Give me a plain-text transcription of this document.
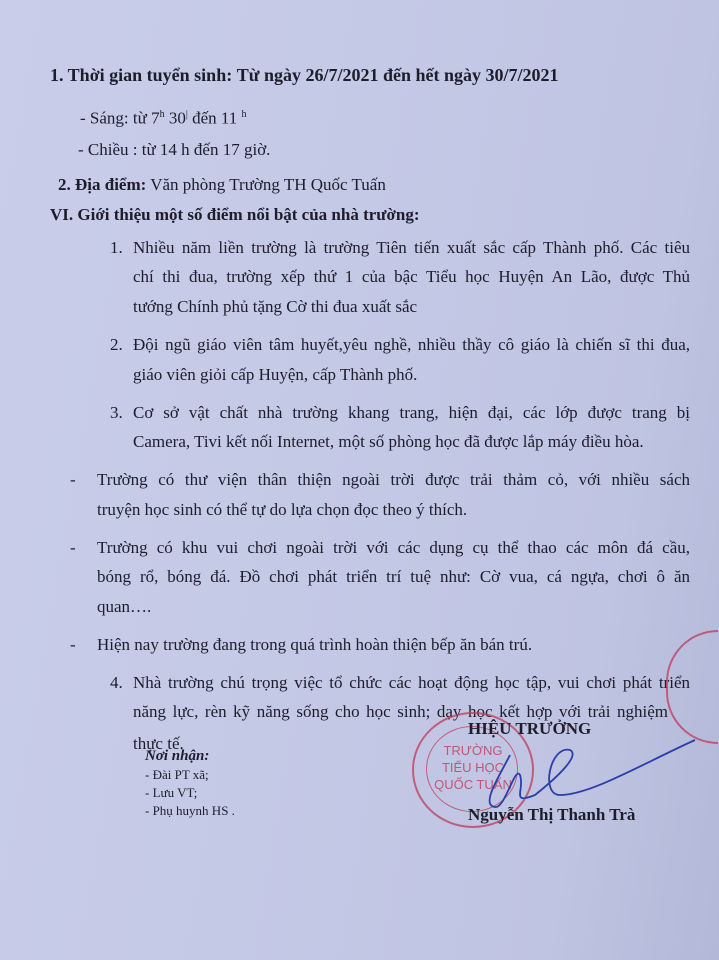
1. Thời gian tuyển sinh: Từ ngày 26/7/2021 đến hết ngày 30/7/2021
- Sáng: từ 7$^h$ 30| đến 11 $^h$
- Chiều : từ 14 h đến 17 giờ.
2. Địa điểm: Văn phòng Trường TH Quốc Tuấn
VI. Giới thiệu một số điểm nổi bật của nhà trường:
1. Nhiều năm liền trường là trường Tiên tiến xuất sắc cấp Thành phố. Các tiêu
chí thi đua, trường xếp thứ 1 của bậc Tiểu học Huyện An Lão, được Thủ
tướng Chính phủ tặng Cờ thi đua xuất sắc
2. Đội ngũ giáo viên tâm huyết,yêu nghề, nhiều thầy cô giáo là chiến sĩ thi đua,
giáo viên giỏi cấp Huyện, cấp Thành phố.
3. Cơ sở vật chất nhà trường khang trang, hiện đại, các lớp được trang bị
Camera, Tivi kết nối Internet, một số phòng học đã được lắp máy điều hòa.
- Trường có thư viện thân thiện ngoài trời được trải thảm cỏ, với nhiều sách
truyện học sinh có thể tự do lựa chọn đọc theo ý thích.
- Trường có khu vui chơi ngoài trời với các dụng cụ thể thao các môn đá cầu,
bóng rổ, bóng đá. Đồ chơi phát triển trí tuệ như: Cờ vua, cá ngựa, chơi ô ăn
quan….
- Hiện nay trường đang trong quá trình hoàn thiện bếp ăn bán trú.
4. Nhà trường chú trọng việc tổ chức các hoạt động học tập, vui chơi phát triển
năng lực, rèn kỹ năng sống cho học sinh; dạy học kết hợp với trải nghiệm
thực tế.
Nơi nhận:
- Đài PT xã;
- Lưu VT;
- Phụ huynh HS .
TRƯỜNG
TIỂU HỌC
QUỐC TUẤN
HIỆU TRƯỞNG
Nguyễn Thị Thanh Trà
